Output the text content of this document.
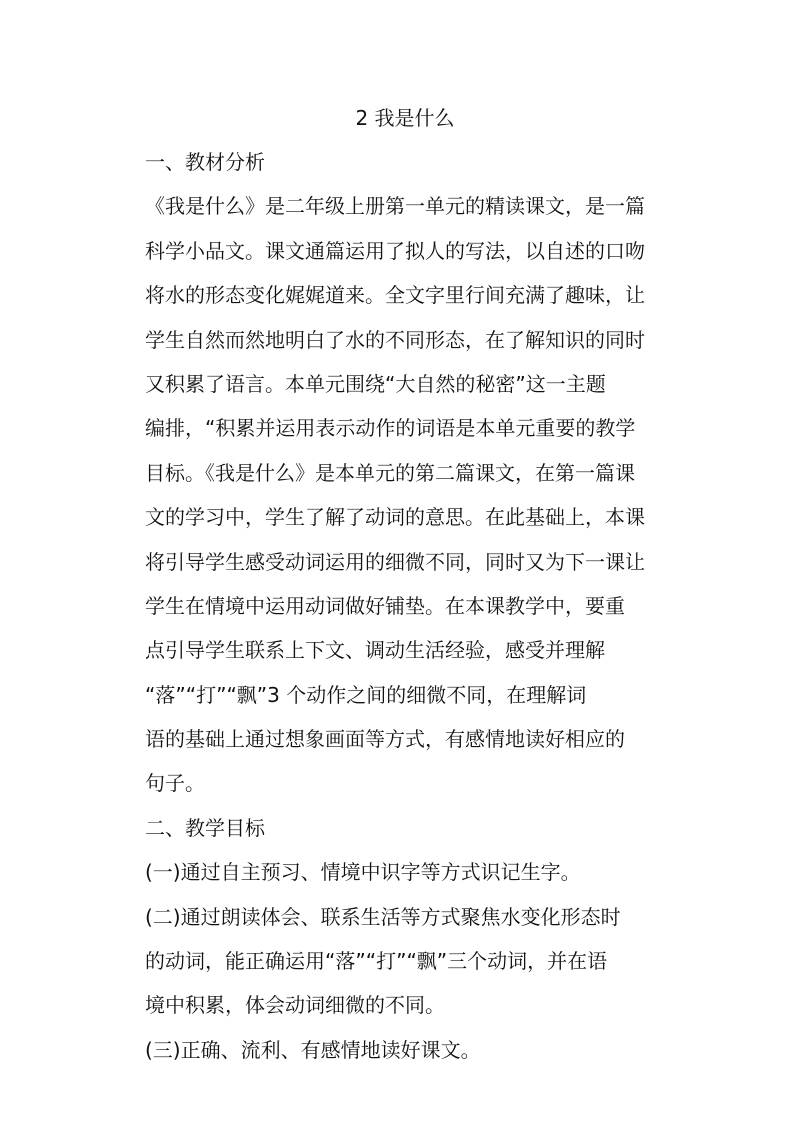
2 我是什么
一、教材分析
《我是什么》是二年级上册第一单元的精读课文，是一篇
科学小品文。课文通篇运用了拟人的写法，以自述的口吻
将水的形态变化娓娓道来。全文字里行间充满了趣味，让
学生自然而然地明白了水的不同形态，在了解知识的同时
又积累了语言。本单元围绕“大自然的秘密”这一主题
编排，“积累并运用表示动作的词语是本单元重要的教学
目标。《我是什么》是本单元的第二篇课文，在第一篇课
文的学习中，学生了解了动词的意思。在此基础上，本课
将引导学生感受动词运用的细微不同，同时又为下一课让
学生在情境中运用动词做好铺垫。在本课教学中，要重
点引导学生联系上下文、调动生活经验，感受并理解
“落”“打”“飘”3 个动作之间的细微不同，在理解词
语的基础上通过想象画面等方式，有感情地读好相应的
句子。
二、教学目标
(一)通过自主预习、情境中识字等方式识记生字。
(二)通过朗读体会、联系生活等方式聚焦水变化形态时
的动词，能正确运用“落”“打”“飘”三个动词，并在语
境中积累，体会动词细微的不同。
(三)正确、流利、有感情地读好课文。
